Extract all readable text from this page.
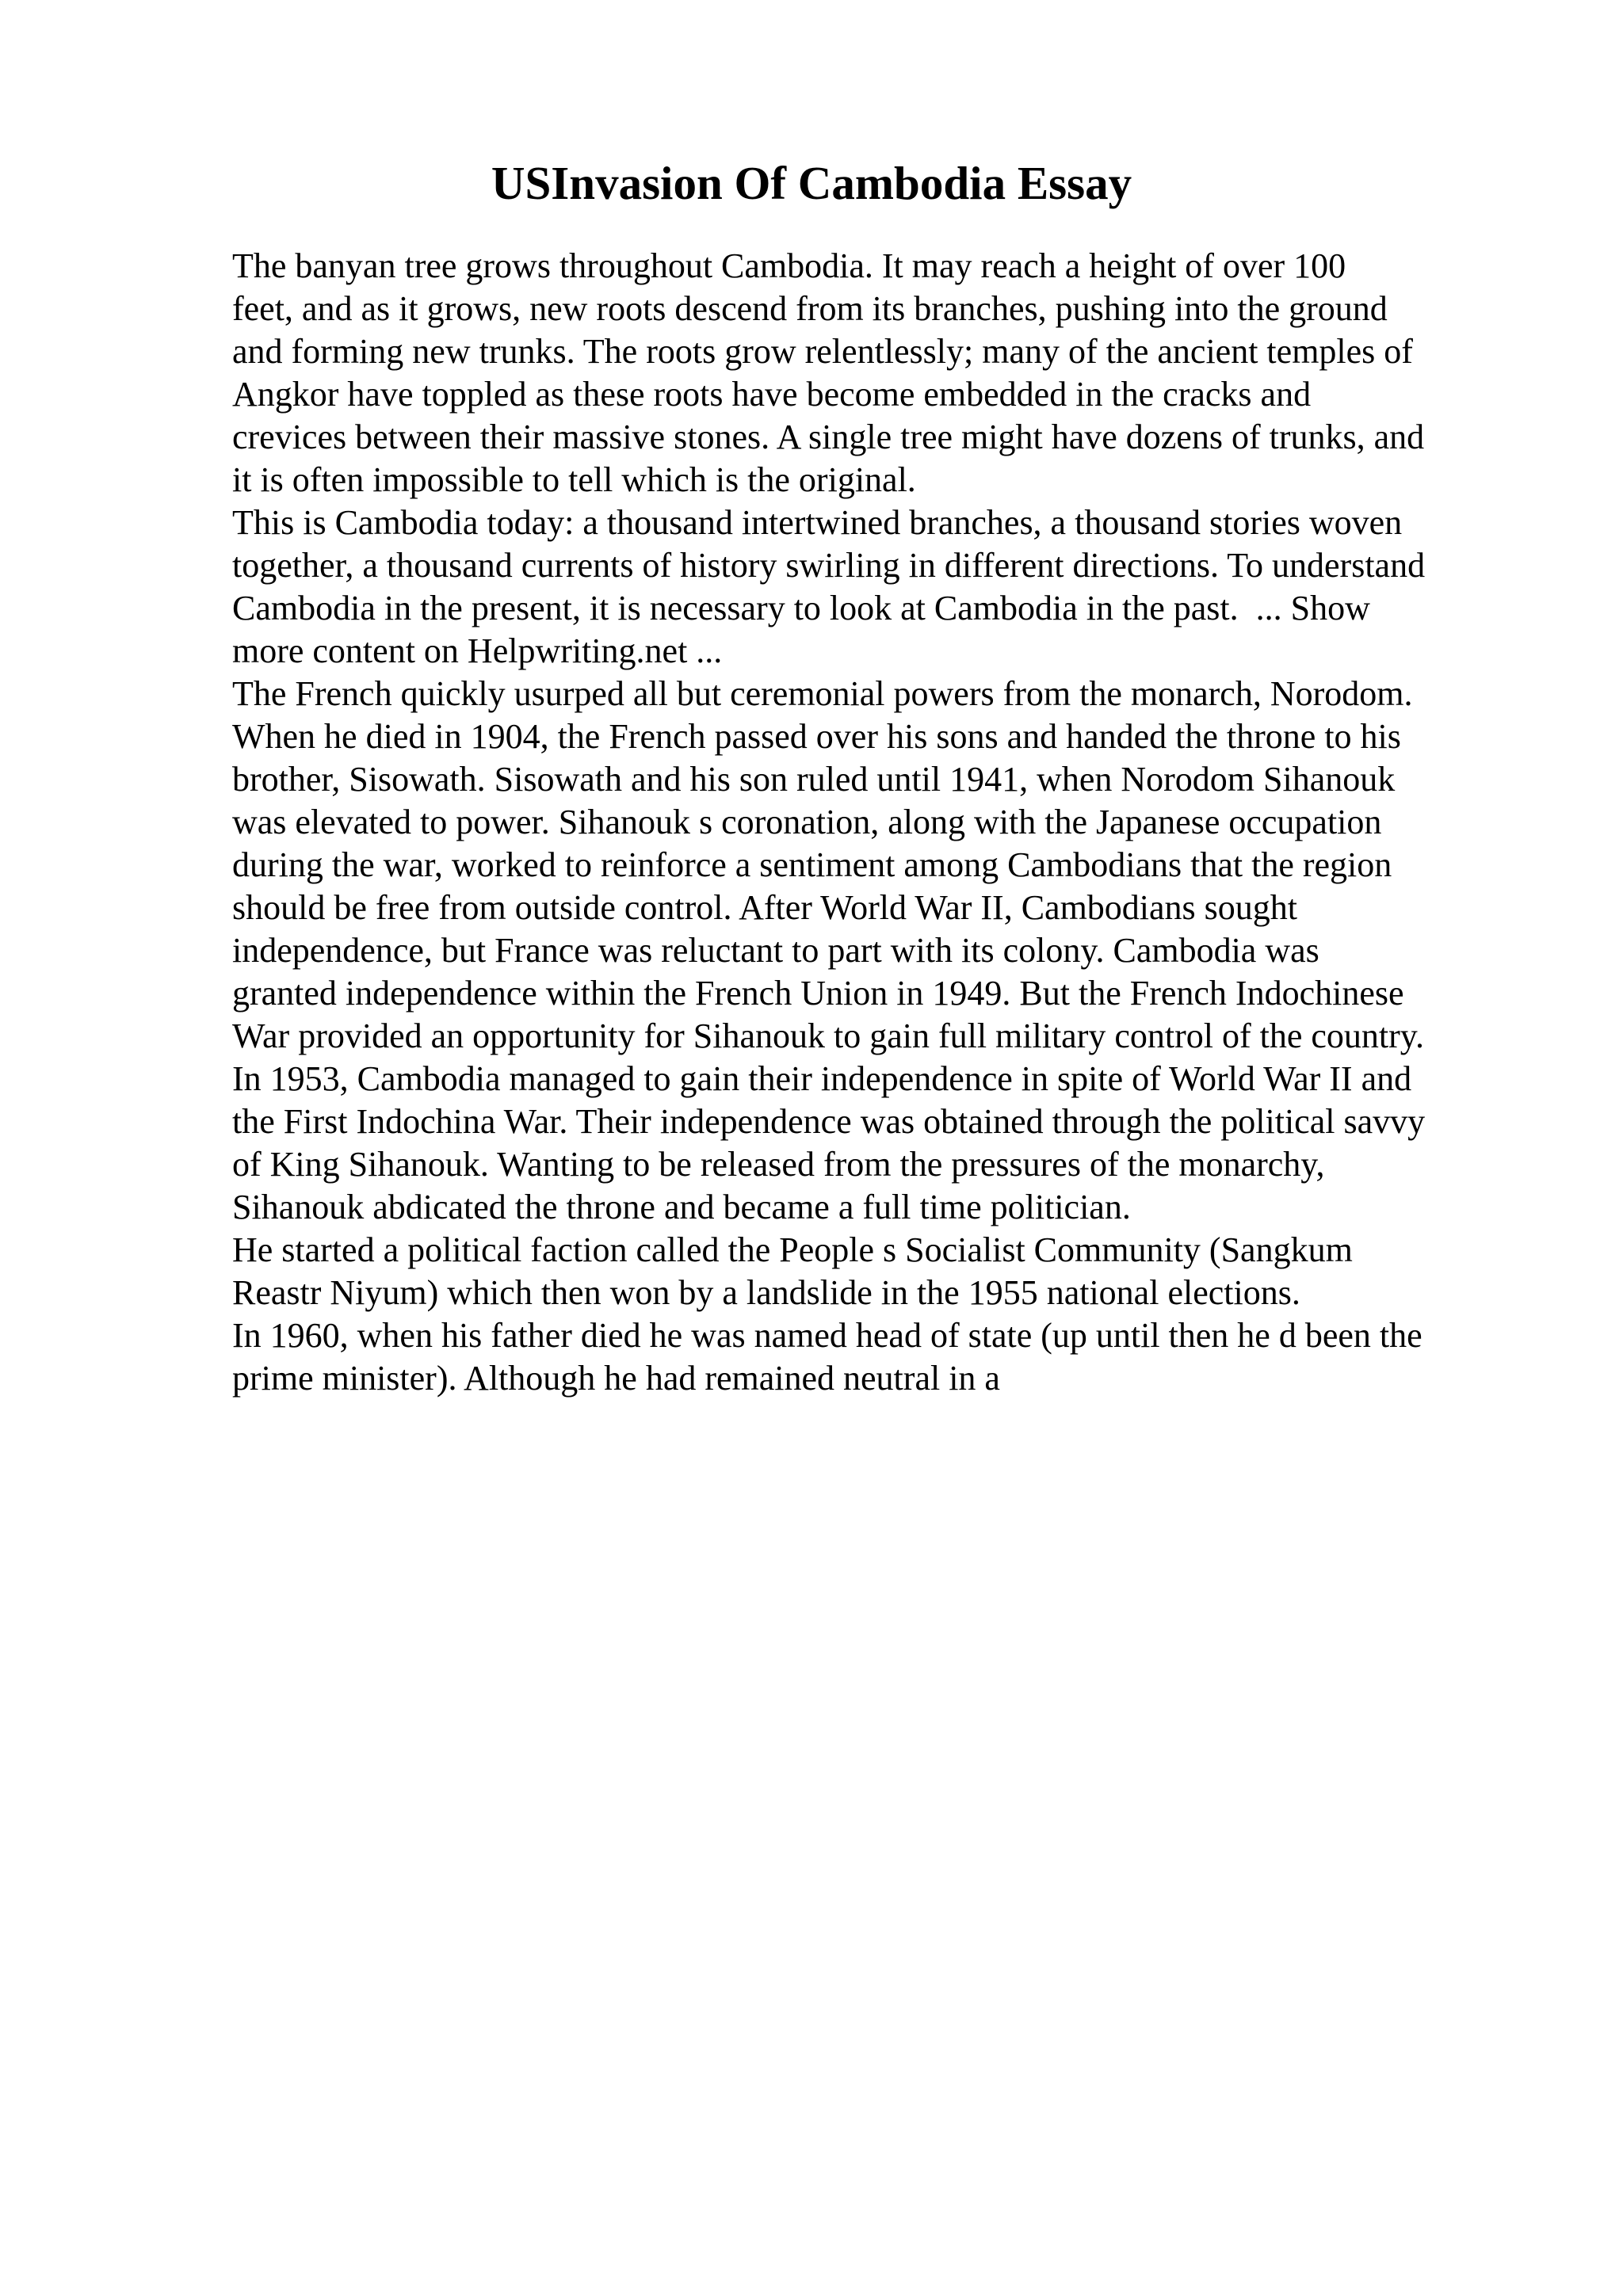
USInvasion Of Cambodia Essay
The banyan tree grows throughout Cambodia. It may reach a height of over 100
feet, and as it grows, new roots descend from its branches, pushing into the ground
and forming new trunks. The roots grow relentlessly; many of the ancient temples of
Angkor have toppled as these roots have become embedded in the cracks and
crevices between their massive stones. A single tree might have dozens of trunks, and
it is often impossible to tell which is the original.
This is Cambodia today: a thousand intertwined branches, a thousand stories woven
together, a thousand currents of history swirling in different directions. To understand
Cambodia in the present, it is necessary to look at Cambodia in the past.  ... Show
more content on Helpwriting.net ...
The French quickly usurped all but ceremonial powers from the monarch, Norodom.
When he died in 1904, the French passed over his sons and handed the throne to his
brother, Sisowath. Sisowath and his son ruled until 1941, when Norodom Sihanouk
was elevated to power. Sihanouk s coronation, along with the Japanese occupation
during the war, worked to reinforce a sentiment among Cambodians that the region
should be free from outside control. After World War II, Cambodians sought
independence, but France was reluctant to part with its colony. Cambodia was
granted independence within the French Union in 1949. But the French Indochinese
War provided an opportunity for Sihanouk to gain full military control of the country.
In 1953, Cambodia managed to gain their independence in spite of World War II and
the First Indochina War. Their independence was obtained through the political savvy
of King Sihanouk. Wanting to be released from the pressures of the monarchy,
Sihanouk abdicated the throne and became a full time politician.
He started a political faction called the People s Socialist Community (Sangkum
Reastr Niyum) which then won by a landslide in the 1955 national elections.
In 1960, when his father died he was named head of state (up until then he d been the
prime minister). Although he had remained neutral in a
